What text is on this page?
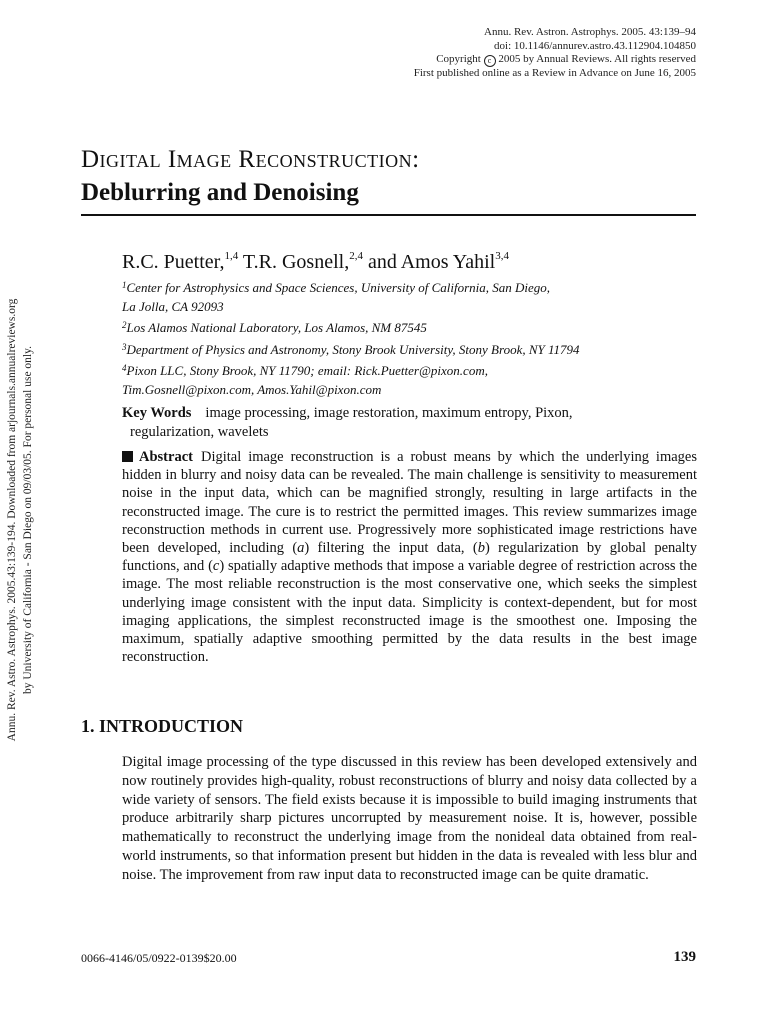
Annu. Rev. Astro. Astrophys. 2005.43:139-194. Downloaded from arjournals.annualreviews.org by University of California - San Diego on 09/03/05. For personal use only.
Annu. Rev. Astron. Astrophys. 2005. 43:139–94
doi: 10.1146/annurev.astro.43.112904.104850
Copyright c 2005 by Annual Reviews. All rights reserved
First published online as a Review in Advance on June 16, 2005
Digital Image Reconstruction:
Deblurring and Denoising

R.C. Puetter,$^{1,4}$ T.R. Gosnell,$^{2,4}$ and Amos Yahil$^{3,4}$

$^1$Center for Astrophysics and Space Sciences, University of California, San Diego,

La Jolla, CA 92093

$^2$Los Alamos National Laboratory, Los Alamos, NM 87545

$^3$Department of Physics and Astronomy, Stony Brook University, Stony Brook, NY 11794

$^4$Pixon LLC, Stony Brook, NY 11790; email: Rick.Puetter@pixon.com,

Tim.Gosnell@pixon.com, Amos.Yahil@pixon.com

Key Words image processing, image restoration, maximum entropy, Pixon,
regularization, wavelets
Abstract Digital image reconstruction is a robust means by which the underlying images hidden in blurry and noisy data can be revealed. The main challenge is sensitivity to measurement noise in the input data, which can be magnified strongly, resulting in large artifacts in the reconstructed image. The cure is to restrict the permitted images. This review summarizes image reconstruction methods in current use. Progressively more sophisticated image restrictions have been developed, including (a) filtering the input data, (b) regularization by global penalty functions, and (c) spatially adaptive methods that impose a variable degree of restriction across the image. The most reliable reconstruction is the most conservative one, which seeks the simplest underlying image consistent with the input data. Simplicity is context-dependent, but for most imaging applications, the simplest reconstructed image is the smoothest one. Imposing the maximum, spatially adaptive smoothing permitted by the data results in the best image reconstruction.
1. INTRODUCTION

Digital image processing of the type discussed in this review has been developed extensively and now routinely provides high-quality, robust reconstructions of blurry and noisy data collected by a wide variety of sensors. The field exists because it is impossible to build imaging instruments that produce arbitrarily sharp pictures uncorrupted by measurement noise. It is, however, possible mathematically to reconstruct the underlying image from the nonideal data obtained from real-world instruments, so that information present but hidden in the data is revealed with less blur and noise. The improvement from raw input data to reconstructed image can be quite dramatic.

0066-4146/05/0922-0139$20.00	139
